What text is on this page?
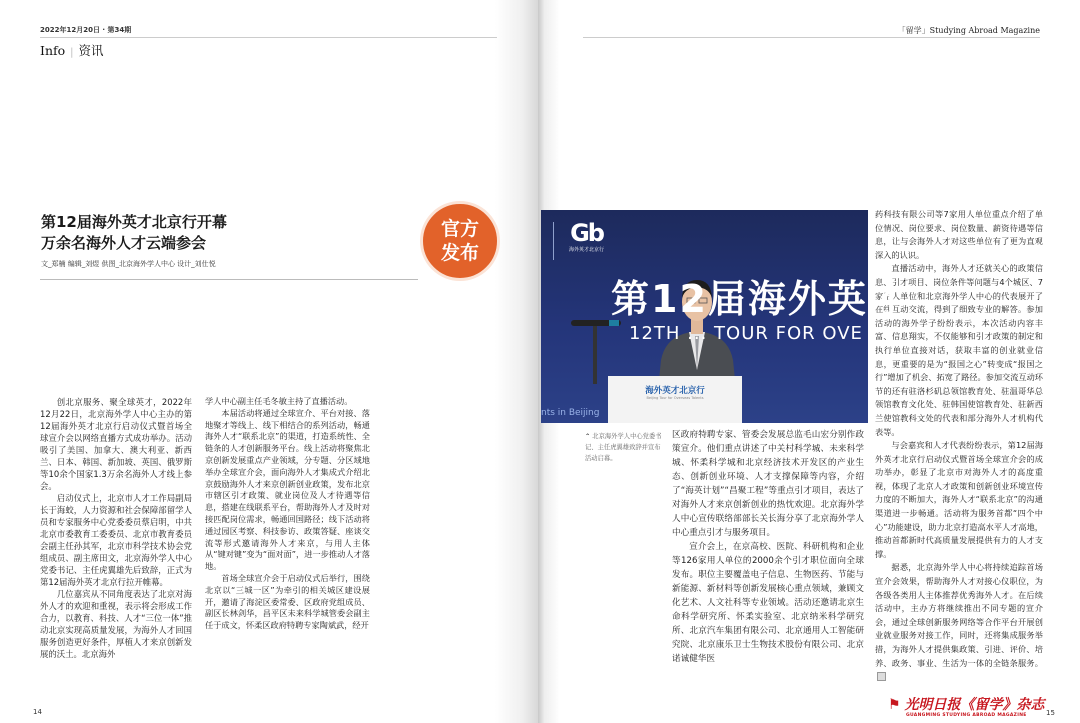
2022年12月20日 · 第34期
Info | 资讯
第12届海外英才北京行开幕
万余名海外人才云端参会
文_郑楠 编辑_刘煜 供图_北京海外学人中心 设计_刘仕悦
官方
发布

创北京服务、聚全球英才，2022年12月22日，北京海外学人中心主办的第12届海外英才北京行启动仪式暨首场全球宣介会以网络直播方式成功举办。活动吸引了美国、加拿大、澳大利亚、新西兰、日本、韩国、新加坡、英国、俄罗斯等10余个国家1.3万余名海外人才线上参会。

启动仪式上，北京市人才工作局副局长于海蛟，人力资源和社会保障部留学人员和专家服务中心党委委员蔡启明，中共北京市委教育工委委员、北京市教育委员会副主任孙其军，北京市科学技术协会党组成员、副主席田文，北京海外学人中心党委书记、主任虎翼雄先后致辞，正式为第12届海外英才北京行拉开帷幕。

几位嘉宾从不同角度表达了北京对海外人才的欢迎和重视，表示将会形成工作合力，以教育、科技、人才“三位一体”推动北京实现高质量发展，为海外人才回国服务创造更好条件，厚植人才来京创新发展的沃土。北京海外

学人中心副主任毛冬敏主持了直播活动。

本届活动将通过全球宣介、平台对接、落地聚才等线上、线下相结合的系列活动，畅通海外人才“联系北京”的渠道，打造系统性、全链条的人才创新服务平台。线上活动将聚焦北京创新发展重点产业领域，分专题、分区域地举办全球宣介会，面向海外人才集成式介绍北京鼓励海外人才来京创新创业政策，发布北京市辖区引才政策、就业岗位及人才待遇等信息，搭建在线联系平台，帮助海外人才及时对接匹配岗位需求，畅通回国路径；线下活动将通过园区考察、科技参访、政策答疑、座谈交流等形式邀请海外人才来京，与用人主体从“键对键”变为“面对面”，进一步推动人才落地。

首场全球宣介会于启动仪式后举行，围绕北京以“三城一区”为牵引的相关城区建设展开，邀请了海淀区委常委、区政府党组成员、副区长林剑华，昌平区未来科学城管委会副主任于成文，怀柔区政府特聘专家陶斌武，经开

14
「留学」Studying Abroad Magazine
Gb
海外英才北京行
第12届海外英才
12TH ... TOUR FOR OVE
nts in Beijing
海外英才北京行
Beijing Tour for Overseas Talents
⌃ 北京海外学人中心党委书记、主任虎翼雄致辞并宣布活动启幕。

区政府特聘专家、管委会发展总监毛山宏分别作政策宣介。他们重点讲述了中关村科学城、未来科学城、怀柔科学城和北京经济技术开发区的产业生态、创新创业环境、人才支撑保障等内容，介绍了“海英计划”“昌聚工程”等重点引才项目，表达了对海外人才来京创新创业的热忱欢迎。北京海外学人中心宣传联络部部长关长海分享了北京海外学人中心重点引才与服务项目。

宣介会上，在京高校、医院、科研机构和企业等126家用人单位的2000余个引才职位面向全球发布。职位主要覆盖电子信息、生物医药、节能与新能源、新材料等创新发展核心重点领域，兼顾文化艺术、人文社科等专业领域。活动还邀请北京生命科学研究所、怀柔实验室、北京纳米科学研究所、北京汽车集团有限公司、北京通用人工智能研究院、北京康乐卫士生物技术股份有限公司、北京诺诚健华医

药科技有限公司等7家用人单位重点介绍了单位情况、岗位要求、岗位数量、薪资待遇等信息，让与会海外人才对这些单位有了更为直观深入的认识。

直播活动中，海外人才还就关心的政策信息、引才项目、岗位条件等问题与4个城区、7家用人单位和北京海外学人中心的代表展开了在线互动交流，得到了细致专业的解答。参加活动的海外学子纷纷表示，本次活动内容丰富、信息翔实，不仅能够和引才政策的制定和执行单位直接对话，获取丰富的创业就业信息，更重要的是为“报国之心”转变成“报国之行”增加了机会、拓宽了路径。参加交流互动环节的还有驻洛杉矶总领馆教育处、驻温哥华总领馆教育文化处、驻韩国使馆教育处、驻新西兰使馆教科文处的代表和部分海外人才机构代表等。

与会嘉宾和人才代表纷纷表示，第12届海外英才北京行启动仪式暨首场全球宣介会的成功举办，彰显了北京市对海外人才的高度重视，体现了北京人才政策和创新创业环境宣传力度的不断加大，海外人才“联系北京”的沟通渠道进一步畅通。活动将为服务首都“四个中心”功能建设，助力北京打造高水平人才高地，推动首都新时代高质量发展提供有力的人才支撑。

据悉，北京海外学人中心将持续追踪首场宣介会效果，帮助海外人才对接心仪职位，为各级各类用人主体推荐优秀海外人才。在后续活动中，主办方将继续推出不同专题的宣介会，通过全球创新服务网络等合作平台开展创业就业服务对接工作，同时，还将集成服务举措，为海外人才提供集政策、引进、评价、培养、政务、事业、生活为一体的全链条服务。

⚑ 光明日报《留学》杂志
GUANGMING STUDYING ABROAD MAGAZINE	15
